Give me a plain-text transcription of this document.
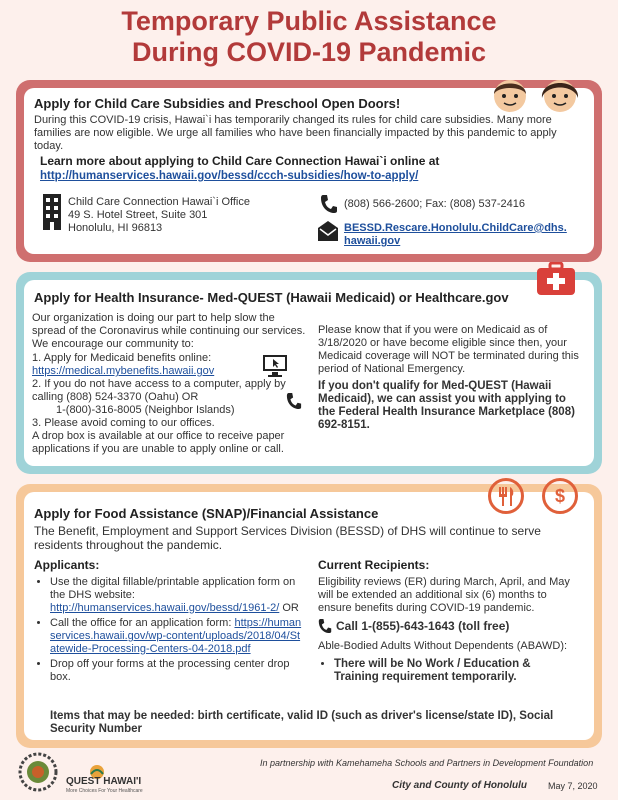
Temporary Public Assistance
During COVID-19 Pandemic
Apply for Child Care Subsidies and Preschool Open Doors!
During this COVID-19 crisis, Hawai`i has temporarily changed its rules for child care subsidies. Many more families are now eligible. We urge all families who have been financially impacted by this pandemic to apply today.
Learn more about applying to Child Care Connection Hawai`i online at
http://humanservices.hawaii.gov/bessd/ccch-subsidies/how-to-apply/
Child Care Connection Hawai`i Office
49 S. Hotel Street, Suite 301
Honolulu, HI 96813
(808) 566-2600; Fax: (808) 537-2416
BESSD.Rescare.Honolulu.ChildCare@dhs.
hawaii.gov
Apply for Health Insurance- Med-QUEST (Hawaii Medicaid) or Healthcare.gov
Our organization is doing our part to help slow the spread of the Coronavirus while continuing our services. We encourage our community to:
1. Apply for Medicaid benefits online:
https://medical.mybenefits.hawaii.gov
2. If you do not have access to a computer, apply by calling (808) 524-3370 (Oahu) OR
1-(800)-316-8005 (Neighbor Islands)
3. Please avoid coming to our offices.
A drop box is available at our office to receive paper applications if you are unable to apply online or call.
Please know that if you were on Medicaid as of 3/18/2020 or have become eligible since then, your Medicaid coverage will NOT be terminated during this period of National Emergency.
If you don't qualify for Med-QUEST (Hawaii Medicaid), we can assist you with applying to the Federal Health Insurance Marketplace (808) 692-8151.
Apply for Food Assistance (SNAP)/Financial Assistance
The Benefit, Employment and Support Services Division (BESSD) of DHS will continue to serve residents throughout the pandemic.
Applicants:
• Use the digital fillable/printable application form on the DHS website: http://humanservices.hawaii.gov/bessd/1961-2/ OR
• Call the office for an application form: https://humanservices.hawaii.gov/wp-content/uploads/2018/04/Statewide-Processing-Centers-04-2018.pdf
• Drop off your forms at the processing center drop box.
Current Recipients:
Eligibility reviews (ER) during March, April, and May will be extended an additional six (6) months to ensure benefits during COVID-19 pandemic.
Call 1-(855)-643-1643 (toll free)
Able-Bodied Adults Without Dependents (ABAWD):
• There will be No Work / Education & Training requirement temporarily.
Items that may be needed: birth certificate, valid ID (such as driver's license/state ID), Social Security Number
$
QUEST HAWAI'I
More Choices For Your Healthcare
In partnership with Kamehameha Schools and Partners in Development Foundation
City and County of Honolulu May 7, 2020
